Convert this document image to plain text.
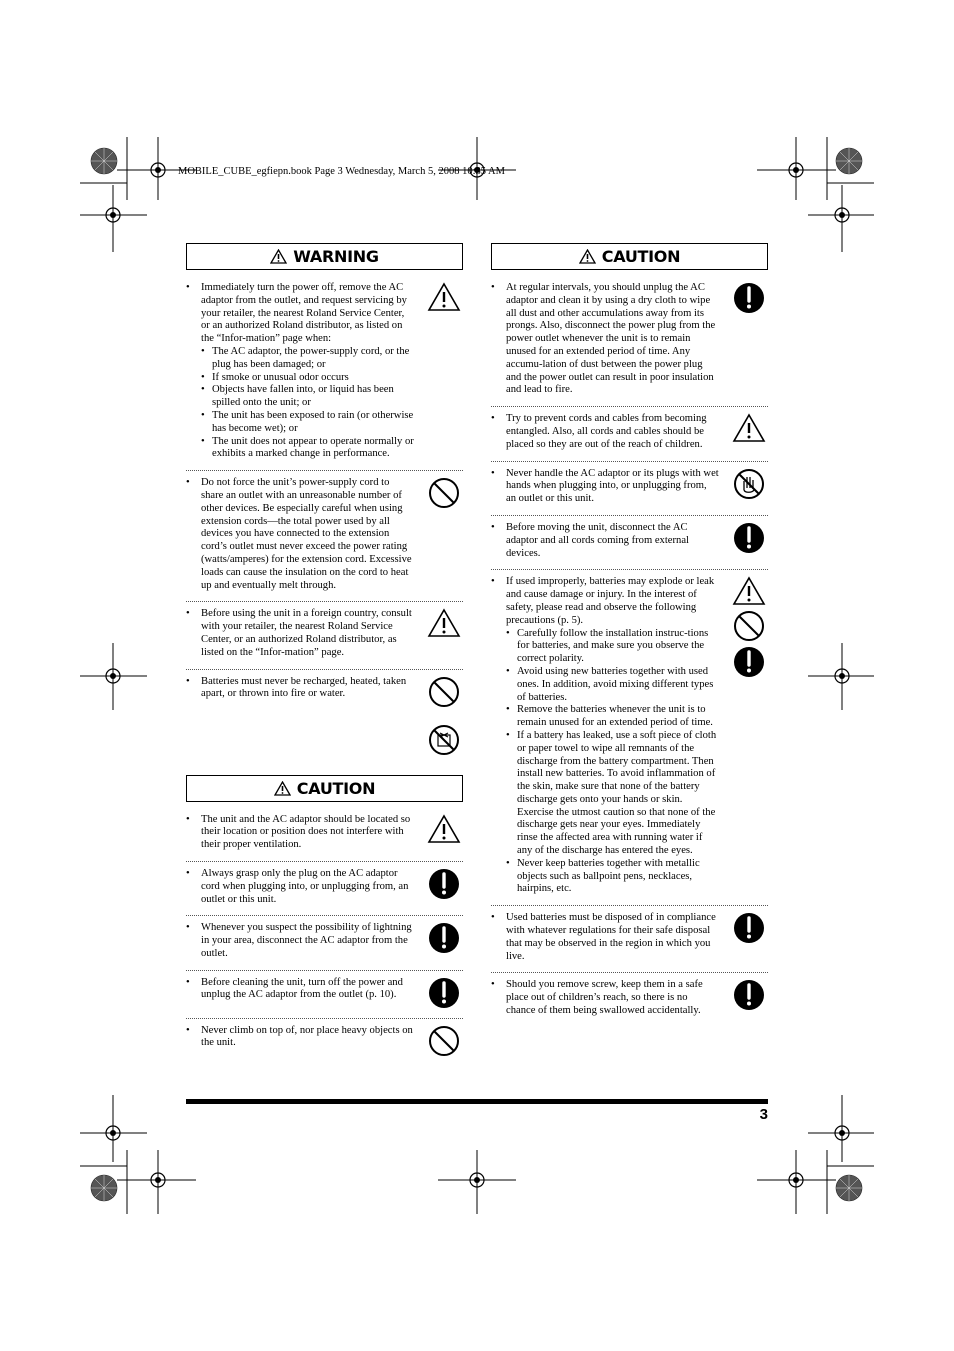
MOBILE_CUBE_egfiepn.book Page 3 Wednesday, March 5, 2008 10:35 AM
WARNING
•	Immediately turn the power off, remove the AC adaptor from the outlet, and request servicing by your retailer, the nearest Roland Service Center, or an authorized Roland distributor, as listed on the “Infor-mation” page when:
• The AC adaptor, the power-supply cord, or the plug has been damaged; or
• If smoke or unusual odor occurs
• Objects have fallen into, or liquid has been spilled onto the unit; or
• The unit has been exposed to rain (or otherwise has become wet); or
• The unit does not appear to operate normally or exhibits a marked change in performance.
•	Do not force the unit’s power-supply cord to share an outlet with an unreasonable number of other devices. Be especially careful when using extension cords—the total power used by all devices you have connected to the extension cord’s outlet must never exceed the power rating (watts/amperes) for the extension cord. Excessive loads can cause the insulation on the cord to heat up and eventually melt through.
•	Before using the unit in a foreign country, consult with your retailer, the nearest Roland Service Center, or an authorized Roland distributor, as listed on the “Infor-mation” page.
•	Batteries must never be recharged, heated, taken apart, or thrown into fire or water.
CAUTION
•	The unit and the AC adaptor should be located so their location or position does not interfere with their proper ventilation.
•	Always grasp only the plug on the AC adaptor cord when plugging into, or unplugging from, an outlet or this unit.
•	Whenever you suspect the possibility of lightning in your area, disconnect the AC adaptor from the outlet.
•	Before cleaning the unit, turn off the power and unplug the AC adaptor from the outlet (p. 10).
•	Never climb on top of, nor place heavy objects on the unit.
CAUTION
•	At regular intervals, you should unplug the AC adaptor and clean it by using a dry cloth to wipe all dust and other accumulations away from its prongs. Also, disconnect the power plug from the power outlet whenever the unit is to remain unused for an extended period of time. Any accumu-lation of dust between the power plug and the power outlet can result in poor insulation and lead to fire.
•	Try to prevent cords and cables from becoming entangled. Also, all cords and cables should be placed so they are out of the reach of children.
•	Never handle the AC adaptor or its plugs with wet hands when plugging into, or unplugging from, an outlet or this unit.
•	Before moving the unit, disconnect the AC adaptor and all cords coming from external devices.
•	If used improperly, batteries may explode or leak and cause damage or injury. In the interest of safety, please read and observe the following precautions (p. 5).
• Carefully follow the installation instruc-tions for batteries, and make sure you observe the correct polarity.
• Avoid using new batteries together with used ones. In addition, avoid mixing different types of batteries.
• Remove the batteries whenever the unit is to remain unused for an extended period of time.
• If a battery has leaked, use a soft piece of cloth or paper towel to wipe all remnants of the discharge from the battery compartment. Then install new batteries. To avoid inflammation of the skin, make sure that none of the battery discharge gets onto your hands or skin. Exercise the utmost caution so that none of the discharge gets near your eyes. Immediately rinse the affected area with running water if any of the discharge has entered the eyes.
• Never keep batteries together with metallic objects such as ballpoint pens, necklaces, hairpins, etc.
•	Used batteries must be disposed of in compliance with whatever regulations for their safe disposal that may be observed in the region in which you live.
•	Should you remove screw, keep them in a safe place out of children’s reach, so there is no chance of them being swallowed accidentally.
3
